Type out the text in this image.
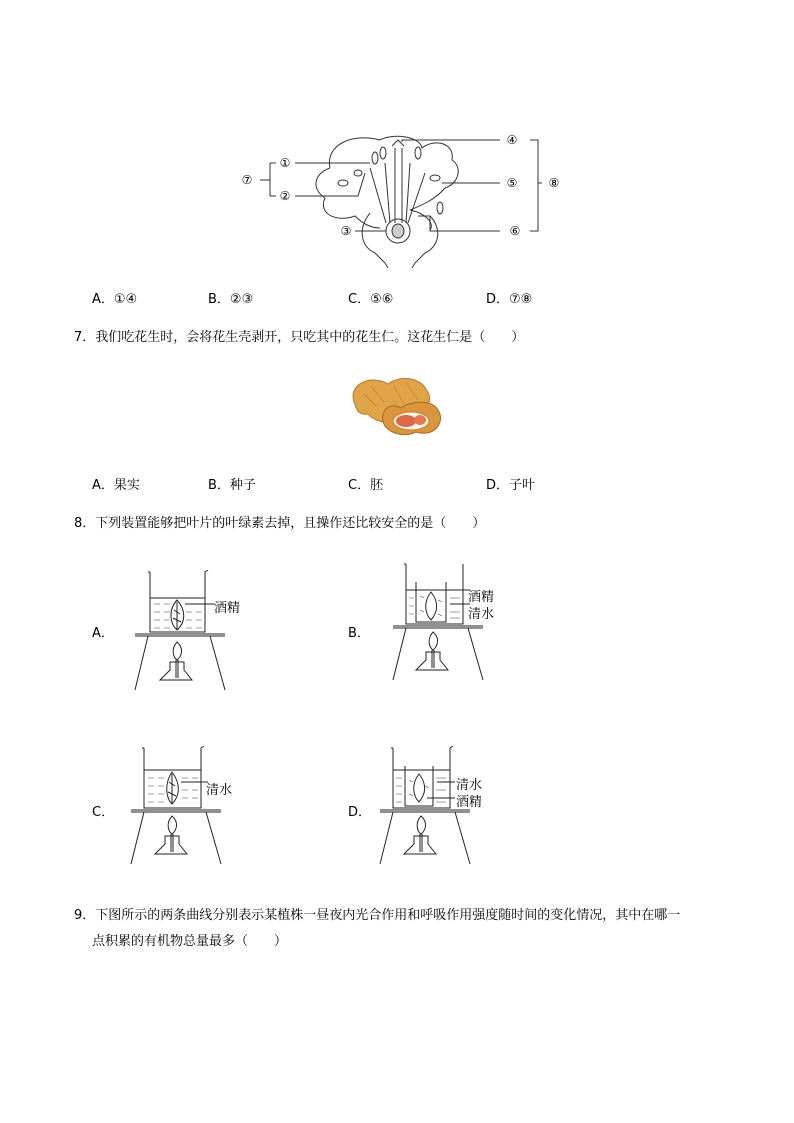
①
②
③
④
⑤
⑥
⑦	⑧
A．①④	B．②③	C．⑤⑥	D．⑦⑧
7．我们吃花生时，会将花生壳剥开，只吃其中的花生仁。这花生仁是（　　）
A．果实	B．种子	C．胚	D．子叶
8．下列装置能够把叶片的叶绿素去掉，且操作还比较安全的是（　　）
酒精
A．
酒精
清水
B．
清水
C．
清水
酒精
D．
9．下图所示的两条曲线分别表示某植株一昼夜内光合作用和呼吸作用强度随时间的变化情况，其中在哪一
点积累的有机物总量最多（　　）
